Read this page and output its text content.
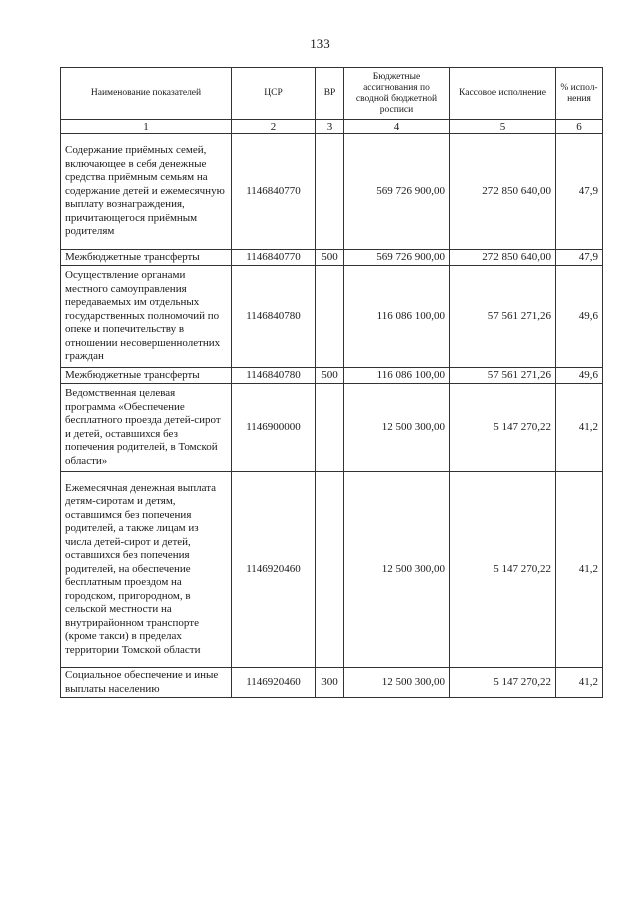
133
Наименование показателей	ЦСР	ВР	Бюджетные ассигнования по сводной бюджетной росписи	Кассовое исполнение	% испол-нения
1	2	3	4	5	6
Содержание приёмных семей, включающее в себя денежные средства приёмным семьям на содержание детей и ежемесячную выплату вознаграждения, причитающегося приёмным родителям	1146840770		569 726 900,00	272 850 640,00	47,9
Межбюджетные трансферты	1146840770	500	569 726 900,00	272 850 640,00	47,9
Осуществление органами местного самоуправления передаваемых им отдельных государственных полномочий по опеке и попечительству в отношении несовершеннолетних граждан	1146840780		116 086 100,00	57 561 271,26	49,6
Межбюджетные трансферты	1146840780	500	116 086 100,00	57 561 271,26	49,6
Ведомственная целевая программа «Обеспечение бесплатного проезда детей-сирот и детей, оставшихся без попечения родителей, в Томской области»	1146900000		12 500 300,00	5 147 270,22	41,2
Ежемесячная денежная выплата детям-сиротам и детям, оставшимся без попечения родителей, а также лицам из числа детей-сирот и детей, оставшихся без попечения родителей, на обеспечение бесплатным проездом на городском, пригородном, в сельской местности на внутрирайонном транспорте (кроме такси) в пределах территории Томской области	1146920460		12 500 300,00	5 147 270,22	41,2
Социальное обеспечение и иные выплаты населению	1146920460	300	12 500 300,00	5 147 270,22	41,2
